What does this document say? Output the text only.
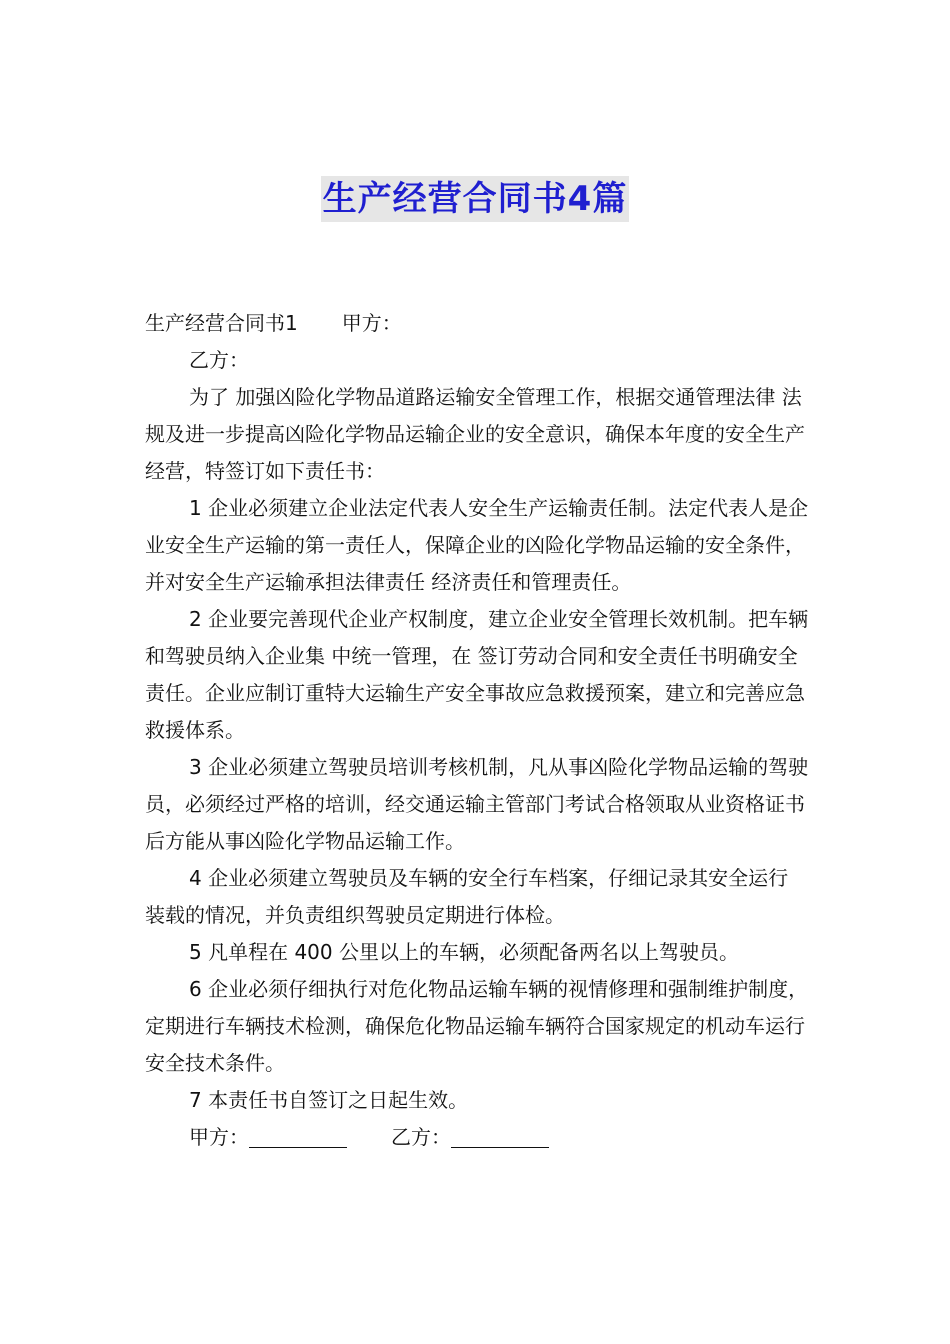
生产经营合同书4篇

生产经营合同书1 甲方：

乙方：

为了 加强凶险化学物品道路运输安全管理工作，根据交通管理法律 法规及进一步提高凶险化学物品运输企业的安全意识，确保本年度的安全生产经营，特签订如下责任书：

1 企业必须建立企业法定代表人安全生产运输责任制。法定代表人是企业安全生产运输的第一责任人，保障企业的凶险化学物品运输的安全条件，并对安全生产运输承担法律责任 经济责任和管理责任。

2 企业要完善现代企业产权制度，建立企业安全管理长效机制。把车辆和驾驶员纳入企业集 中统一管理，在 签订劳动合同和安全责任书明确安全责任。企业应制订重特大运输生产安全事故应急救援预案，建立和完善应急救援体系。

3 企业必须建立驾驶员培训考核机制，凡从事凶险化学物品运输的驾驶员，必须经过严格的培训，经交通运输主管部门考试合格领取从业资格证书后方能从事凶险化学物品运输工作。

4 企业必须建立驾驶员及车辆的安全行车档案，仔细记录其安全运行 装载的情况，并负责组织驾驶员定期进行体检。

5 凡单程在 400 公里以上的车辆，必须配备两名以上驾驶员。

6 企业必须仔细执行对危化物品运输车辆的视情修理和强制维护制度，定期进行车辆技术检测，确保危化物品运输车辆符合国家规定的机动车运行安全技术条件。

7 本责任书自签订之日起生效。

甲方：	乙方：
